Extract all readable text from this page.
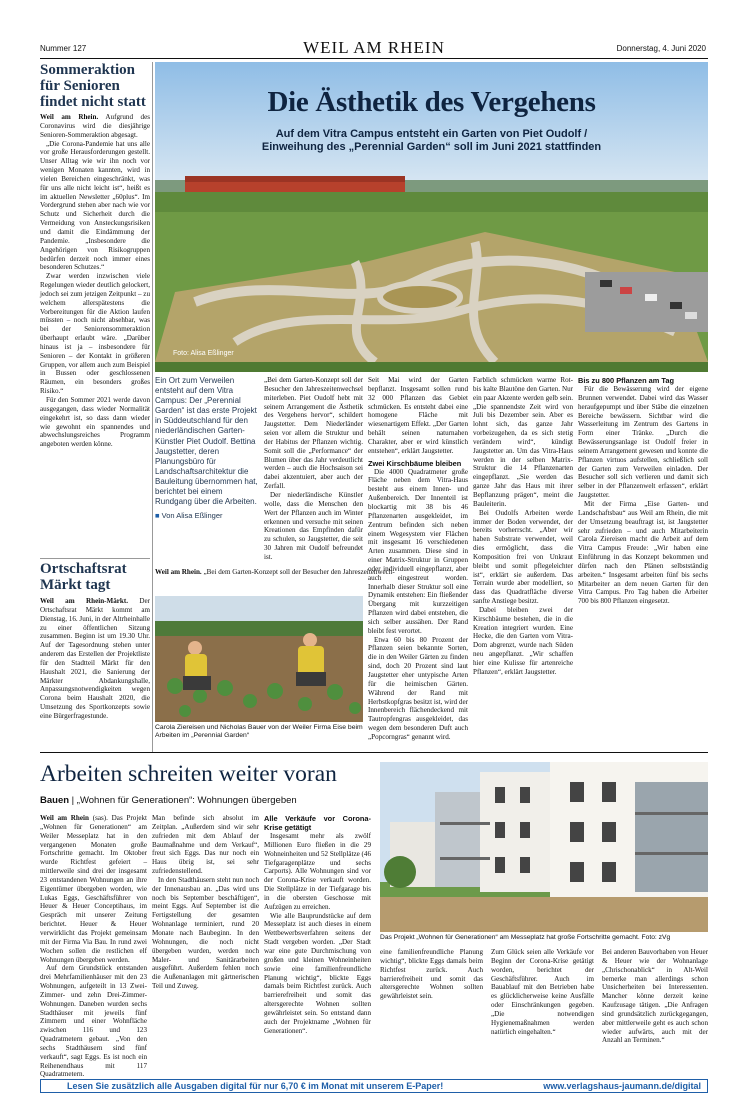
Nummer 127	WEIL AM RHEIN	Donnerstag, 4. Juni 2020
Sommeraktion für Senioren findet nicht statt

Weil am Rhein. Aufgrund des Coronavirus wird die diesjährige Senioren-Sommeraktion abgesagt.

„Die Corona-Pandemie hat uns alle vor große Herausforderungen gestellt. Unser Alltag wie wir ihn noch vor wenigen Monaten kannten, wird in vielen Bereichen eingeschränkt, was für uns alle nicht leicht ist“, heißt es im aktuellen Newsletter „60plus“. Im Vordergrund stehen aber nach wie vor Schutz und Sicherheit durch die Vermeidung von Ansteckungsrisiken und damit die Eindämmung der Pandemie. „Insbesondere die Angehörigen von Risikogruppen bedürfen derzeit noch immer eines besonderen Schutzes.“

Zwar werden inzwischen viele Regelungen wieder deutlich gelockert, jedoch sei zum jetzigen Zeitpunkt – zu welchem allerspätestens die Vorbereitungen für die Aktion laufen müssten – noch nicht absehbar, was bei der Seniorensommeraktion überhaupt erlaubt wäre. „Darüber hinaus ist ja – insbesondere für Senioren – der Kontakt in größeren Gruppen, vor allem auch zum Beispiel in Bussen oder geschlossenen Räumen, ein besonders großes Risiko.“

Für den Sommer 2021 werde davon ausgegangen, dass wieder Normalität eingekehrt ist, so dass dann wieder wie gewohnt ein spannendes und abwechslungsreiches Programm angeboten werden könne.

Ortschaftsrat Märkt tagt

Weil am Rhein-Märkt. Der Ortschaftsrat Märkt kommt am Dienstag, 16. Juni, in der Altrheinhalle zu einer öffentlichen Sitzung zusammen. Beginn ist um 19.30 Uhr. Auf der Tagesordnung stehen unter anderem das Erstellen der Projektliste für den Stadtteil Märkt für den Haushalt 2021, die Sanierung der Märkter Abdankungshalle, Anpassungsnotwendigkeiten wegen Corona beim Haushalt 2020, die Umsetzung des Sportkonzepts sowie eine Bürgerfragestunde.

Die Ästhetik des Vergehens
Auf dem Vitra Campus entsteht ein Garten von Piet Oudolf /
Einweihung des „Perennial Garden“ soll im Juni 2021 stattfinden
Foto: Alisa Eßlinger
Ein Ort zum Verweilen entsteht auf dem Vitra Campus: Der „Perennial Garden“ ist das erste Projekt in Süddeutschland für den niederländischen Garten-Künstler Piet Oudolf. Bettina Jaugstetter, deren Planungsbüro für Landschaftsarchitektur die Bauleitung übernommen hat, berichtet bei einem Rundgang über die Arbeiten.
■ Von Alisa Eßlinger

Weil am Rhein. „Bei dem Garten-Konzept soll der Besucher den Jahreszeitenwech-

„Bei dem Garten-Konzept soll der Besucher den Jahreszeitenwechsel miterleben. Piet Oudolf hebt mit seinem Arrangement die Ästhetik des Vergehens hervor“, schildert Jaugstetter. Dem Niederländer seien vor allem die Struktur und der Habitus der Pflanzen wichtig. Somit soll die „Performance“ der Blumen über das Jahr verdeutlicht werden – auch die Hochsaison sei dabei akzentuiert, aber auch der Zerfall.

Der niederländische Künstler wolle, dass die Menschen den Wert der Pflanzen auch im Winter erkennen und versuche mit seinen Kreationen das Empfinden dafür zu schulen, so Jaugstetter, die seit 30 Jahren mit Oudolf befreundet ist.

Seit Mai wird der Garten bepflanzt. Insgesamt sollen rund 32 000 Pflanzen das Gebiet schmücken. Es entsteht dabei eine homogene Fläche mit wiesenartigem Effekt. „Der Garten behält seinen naturnahen Charakter, aber er wird künstlich entstehen“, erklärt Jaugstetter.

Zwei Kirschbäume bleiben

Die 4000 Quadratmeter große Fläche neben dem Vitra-Haus besteht aus einem Innen- und Außenbereich. Der Innenteil ist blockartig mit 38 bis 46 Pflanzenarten ausgekleidet, im Zentrum befinden sich neben einem Wegesystem vier Flächen mit insgesamt 16 verschiedenen Arten zusammen. Diese sind in einer Matrix-Struktur in Gruppen oder individuell eingepflanzt, aber auch eingestreut worden. Innerhalb dieser Struktur soll eine Dynamik entstehen: Ein fließender Übergang mit kurzzeitigen Pflanzen wird dabei entstehen, die sich selber aussähen. Der Rand bleibt fest verortet.

Etwa 60 bis 80 Prozent der Pflanzen seien bekannte Sorten, die in den Weiler Gärten zu finden sind, doch 20 Prozent sind laut Jaugstetter eher untypische Arten für die heimischen Gärten. Während der Rand mit Herbstkopfgras besitzt ist, wird der Innenbereich flächendeckend mit Tautropfengras ausgekleidet, das wegen dem besonderen Duft auch „Popcorngras“ genannt wird.

Farblich schmücken warme Rot- bis kalte Blautöne den Garten. Nur ein paar Akzente werden gelb sein. „Die spannendste Zeit wird von Juli bis Dezember sein. Aber es lohnt sich, das ganze Jahr vorbeizugehen, da es sich stetig verändern wird“, kündigt Jaugstetter an. Um das Vitra-Haus werden in der selben Matrix-Struktur die 14 Pflanzenarten eingepflanzt. „Sie werden das ganze Jahr das Haus mit ihrer Bepflanzung prägen“, meint die Bauleiterin.

Bei Oudolfs Arbeiten werde immer der Boden verwendet, der bereits vorherrscht. „Aber wir haben Substrate verwendet, weil dies ermöglicht, dass die Komposition frei von Unkraut bleibt und somit pflegeleichter ist“, erklärt sie außerdem. Das Terrain wurde aber modelliert, so dass das Quadratfläche diverse sanfte Anstiege besitzt.

Dabei bleiben zwei der Kirschbäume bestehen, die in die Kreation integriert wurden. Eine Hecke, die den Garten vom Vitra-Dom abgrenzt, wurde nach Süden neu angepflanzt. „Wir schaffen hier eine Kulisse für artenreiche Pflanzen“, erklärt Jaugstetter.

Bis zu 800 Pflanzen am Tag

Für die Bewässerung wird der eigene Brunnen verwendet. Dabei wird das Wasser heraufgepumpt und über Stäbe die einzelnen Bereiche bewässern. Sichtbar wird die Wasserleitung im Zentrum des Gartens in Form einer Tränke. „Durch die Bewässerungsanlage ist Oudolf freier in seinem Arrangement gewesen und konnte die Pflanzen virtuos aufstellen, schließlich soll der Garten zum Verweilen einladen. Der Besucher soll sich verlieren und damit sich selber in der Pflanzenwelt erfassen“, erklärt Jaugstetter.

Mit der Firma „Eise Garten- und Landschaftsbau“ aus Weil am Rhein, die mit der Umsetzung beauftragt ist, ist Jaugstetter sehr zufrieden – und auch Mitarbeiterin Carola Ziereisen macht die Arbeit auf dem Vitra Campus Freude: „Wir haben eine Einführung in das Konzept bekommen und dürfen nach den Plänen selbstständig arbeiten.“ Insgesamt arbeiten fünf bis sechs Mitarbeiter an dem neuen Garten für den Vitra Campus. Pro Tag haben die Arbeiter 700 bis 800 Pflanzen eingesetzt.

Carola Ziereisen und Nicholas Bauer von der Weiler Firma Eise beim Arbeiten im „Perennial Garden“
Arbeiten schreiten weiter voran
Bauen | „Wohnen für Generationen“: Wohnungen übergeben

Weil am Rhein (sas). Das Projekt „Wohnen für Generationen“ am Weiler Messeplatz hat in den vergangenen Monaten große Fortschritte gemacht. Im Oktober wurde Richtfest gefeiert – mittlerweile sind drei der insgesamt 23 entstandenen Wohnungen an ihre Eigentümer übergeben worden, wie Lukas Eggs, Geschäftsführer von Heuer & Heuer Conceptihaus, im Gespräch mit unserer Zeitung berichtet. Heuer & Heuer verwirklicht das Projekt gemeinsam mit der Firma Via Bau. In rund zwei Wochen sollen die restlichen elf Wohnungen übergeben werden.

Auf dem Grundstück entstanden drei Mehrfamilienhäuser mit den 23 Wohnungen, aufgeteilt in 13 Zwei-Zimmer- und zehn Drei-Zimmer-Wohnungen. Daneben wurden sechs Stadthäuser mit jeweils fünf Zimmern und einer Wohnfläche zwischen 116 und 123 Quadratmetern gebaut. „Von den sechs Stadthäusern sind fünf verkauft“, sagt Eggs. Es ist noch ein Reihenendhaus mit 117 Quadratmetern.

Man befinde sich absolut im Zeitplan. „Außerdem sind wir sehr zufrieden mit dem Ablauf der Baumaßnahme und dem Verkauf“, freut sich Eggs. Das nur noch ein Haus übrig ist, sei sehr zufriedenstellend.

In den Stadthäusern steht nun noch der Innenausbau an. „Das wird uns noch bis September beschäftigen“, meint Eggs. Auf September ist die Fertigstellung der gesamten Wohnanlage terminiert, rund 20 Monate nach Baubeginn. In den Wohnungen, die noch nicht übergeben wurden, werden noch Maler- und Sanitärarbeiten ausgeführt. Außerdem fehlen noch die Außenanlagen mit gärtnerischen Teil und Zuweg.

Alle Verkäufe vor Corona-Krise getätigt

Insgesamt mehr als zwölf Millionen Euro fließen in die 29 Wohneinheiten und 52 Stellplätze (46 Tiefgaragenplätze und sechs Carports). Alle Wohnungen sind vor der Corona-Krise verkauft worden. Die Stellplätze in der Tiefgarage bis in die obersten Geschosse mit Aufzügen zu erreichen.

Wie alle Bauprundstücke auf dem Messeplatz ist auch dieses in einem Wettbewerbsverfahren seitens der Stadt vergeben worden. „Der Stadt war eine gute Durchmischung von großen und kleinen Wohneinheiten sowie eine familienfreundliche Planung wichtig“, blickte Eggs damals beim Richtfest zurück. Auch barrierefreiheit und somit das altersgerechte Wohnen sollten gewährleistet sein. So entstand dann auch der Projektname „Wohnen für Generationen“.

Das Projekt „Wohnen für Generationen“ am Messeplatz hat große Fortschritte gemacht. Foto: zVg

eine familienfreundliche Planung wichtig“, blickte Eggs damals beim Richtfest zurück. Auch barrierefreiheit und somit das altersgerechte Wohnen sollten gewährleistet sein.

Zum Glück seien alle Verkäufe vor Beginn der Corona-Krise getätigt worden, berichtet der Geschäftsführer. Auch im Bauablauf mit den Betrieben habe es glücklicherweise keine Ausfälle oder Einschränkungen gegeben. „Die notwendigen Hygienemaßnahmen werden natürlich eingehalten.“

Bei anderen Bauvorhaben von Heuer & Heuer wie der Wohnanlage „Chrischonablick“ in Alt-Weil bemerke man allerdings schon Unsicherheiten bei Interessenten. Mancher könne derzeit keine Kaufzusage tätigen. „Die Anfragen sind grundsätzlich zurückgegangen, aber mittlerweile geht es auch schon wieder aufwärts, auch mit der Anzahl an Terminen.“

Lesen Sie zusätzlich alle Ausgaben digital für nur 6,70 € im Monat mit unserem E-Paper!	www.verlagshaus-jaumann.de/digital
